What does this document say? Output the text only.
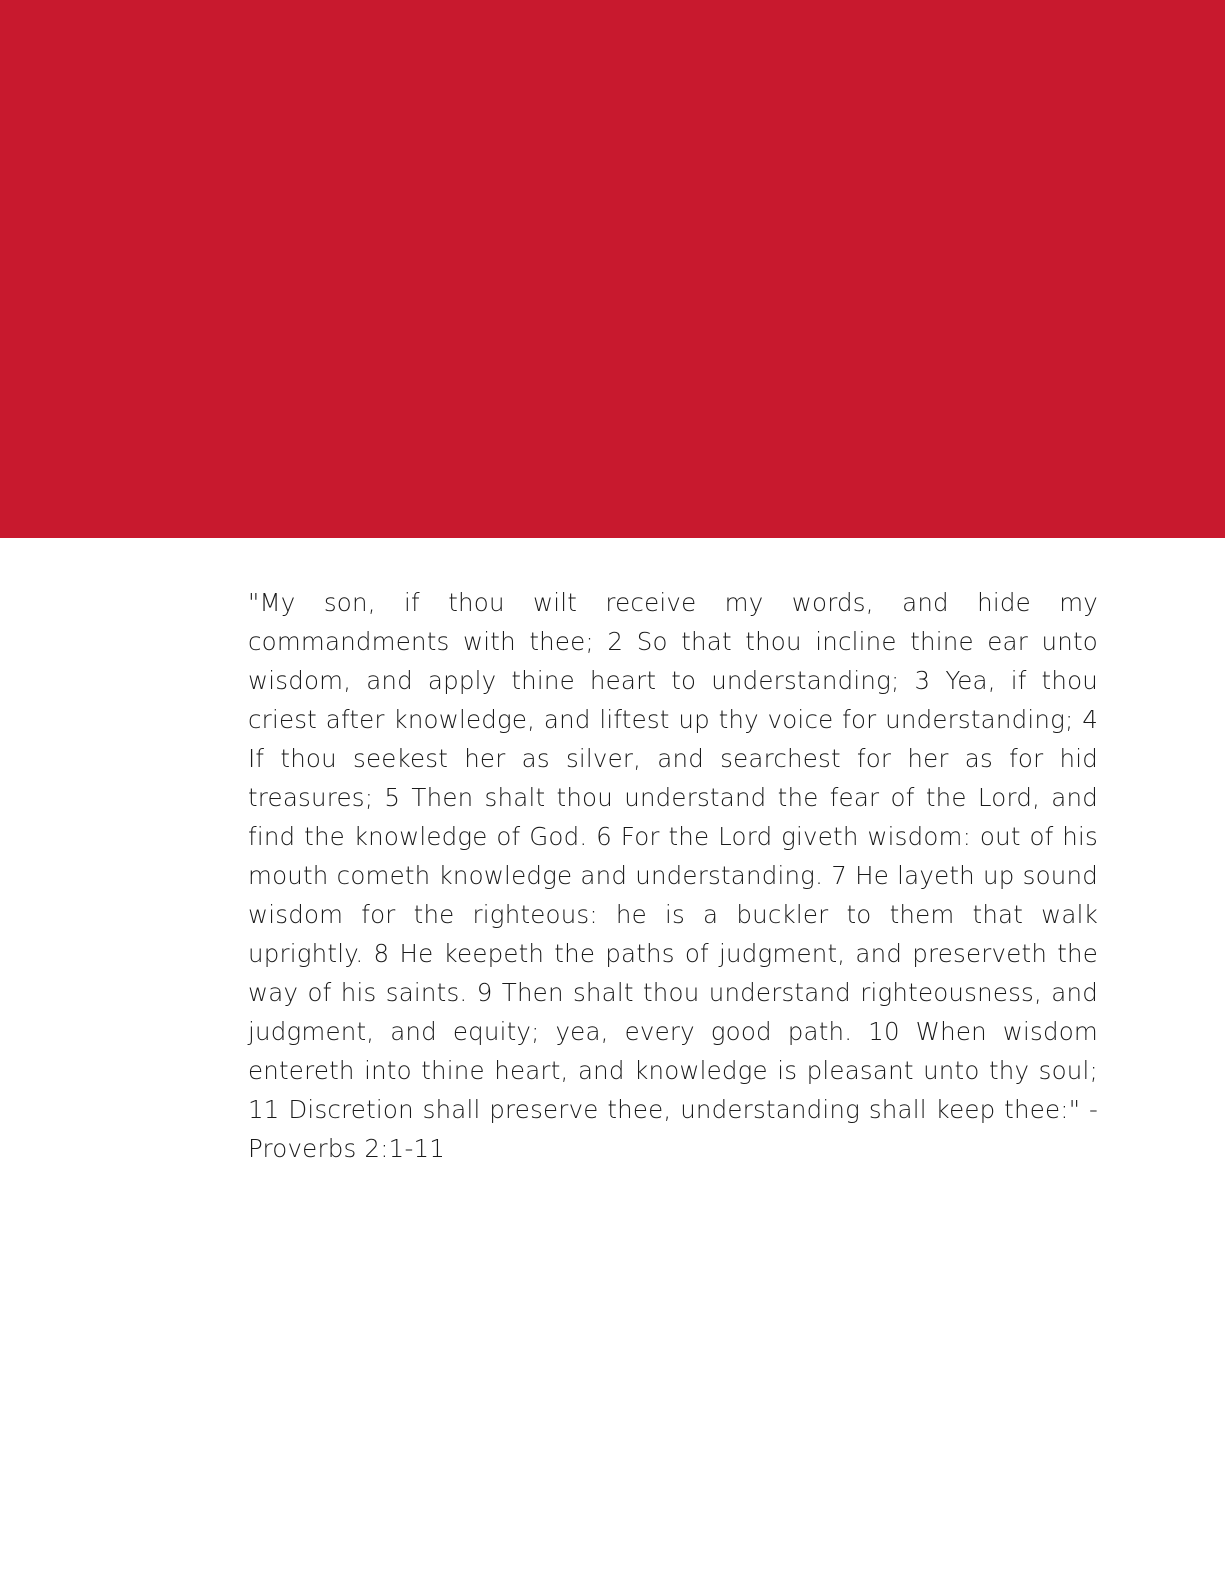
"My son, if thou wilt receive my words, and hide my commandments with thee; 2 So that thou incline thine ear unto wisdom, and apply thine heart to understanding; 3 Yea, if thou criest after knowledge, and liftest up thy voice for understanding; 4 If thou seekest her as silver, and searchest for her as for hid treasures; 5 Then shalt thou understand the fear of the Lord, and find the knowledge of God. 6 For the Lord giveth wisdom: out of his mouth cometh knowledge and understanding. 7 He layeth up sound wisdom for the righteous: he is a buckler to them that walk uprightly. 8 He keepeth the paths of judgment, and preserveth the way of his saints. 9 Then shalt thou understand righteousness, and judgment, and equity; yea, every good path. 10 When wisdom entereth into thine heart, and knowledge is pleasant unto thy soul; 11 Discretion shall preserve thee, understanding shall keep thee:" - Proverbs 2:1-11
